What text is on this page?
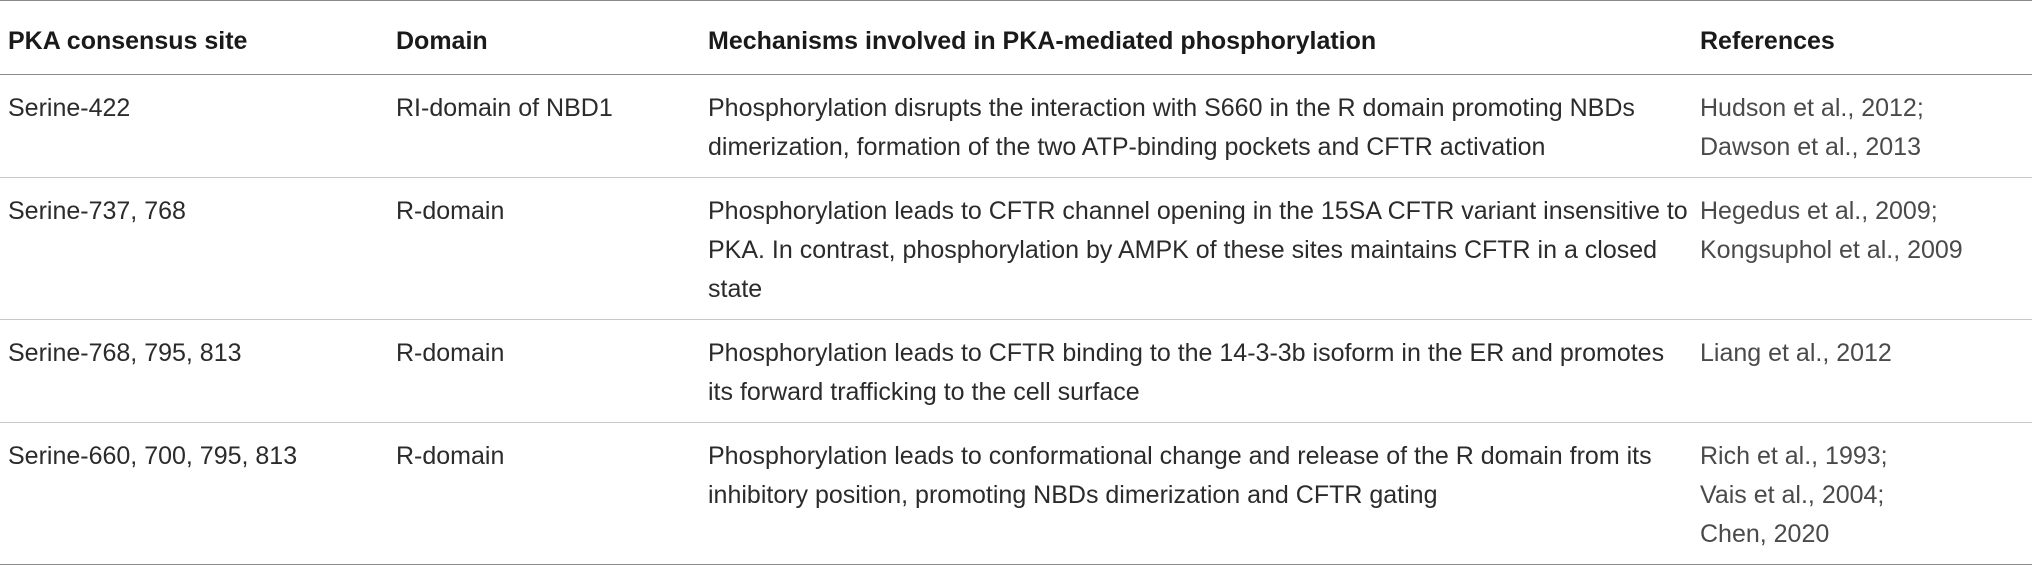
PKA consensus site	Domain	Mechanisms involved in PKA-mediated phosphorylation	References
Serine-422	RI-domain of NBD1	Phosphorylation disrupts the interaction with S660 in the R domain promoting NBDs dimerization, formation of the two ATP-binding pockets and CFTR activation	Hudson et al., 2012;
Dawson et al., 2013

Serine-737, 768	R-domain	Phosphorylation leads to CFTR channel opening in the 15SA CFTR variant insensitive to PKA. In contrast, phosphorylation by AMPK of these sites maintains CFTR in a closed state	Hegedus et al., 2009;
Kongsuphol et al., 2009

Serine-768, 795, 813	R-domain	Phosphorylation leads to CFTR binding to the 14-3-3b isoform in the ER and promotes its forward trafficking to the cell surface	Liang et al., 2012

Serine-660, 700, 795, 813	R-domain	Phosphorylation leads to conformational change and release of the R domain from its inhibitory position, promoting NBDs dimerization and CFTR gating	Rich et al., 1993;
Vais et al., 2004;
Chen, 2020
